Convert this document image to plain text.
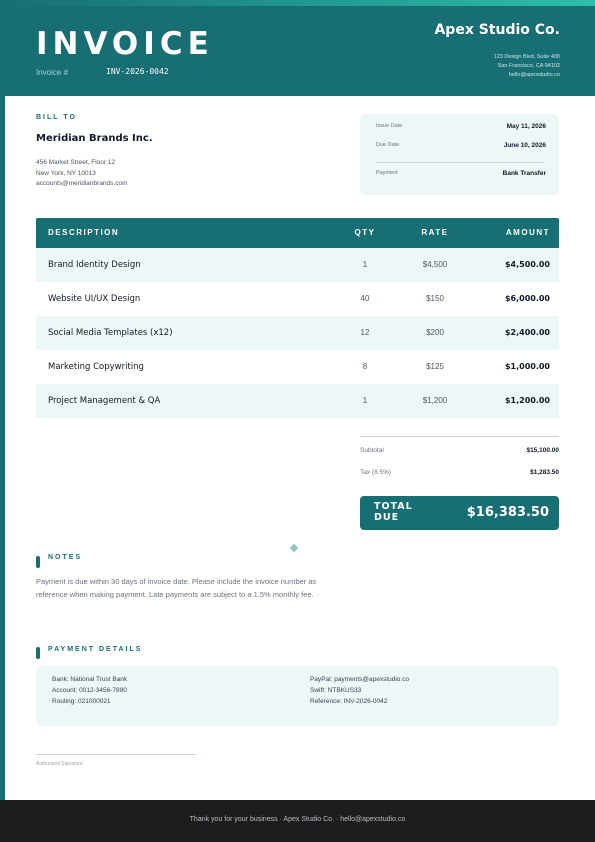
INVOICE
Invoice #	INV-2026-0042
Apex Studio Co.
123 Design Blvd, Suite 400
San Francisco, CA 94102
hello@apexstudio.co
BILL TO
Meridian Brands Inc.
456 Market Street, Floor 12
New York, NY 10013
accounts@meridianbrands.com
Issue Date	May 11, 2026
Due Date	June 10, 2026
Payment	Bank Transfer
DESCRIPTION	QTY	RATE	AMOUNT
Brand Identity Design	1	$4,500	$4,500.00
Website UI/UX Design	40	$150	$6,000.00
Social Media Templates (x12)	12	$200	$2,400.00
Marketing Copywriting	8	$125	$1,000.00
Project Management & QA	1	$1,200	$1,200.00
Subtotal	$15,100.00
Tax (8.5%)	$1,283.50
TOTAL DUE	$16,383.50
NOTES
Payment is due within 30 days of invoice date. Please include the invoice number as reference when making payment. Late payments are subject to a 1.5% monthly fee.
PAYMENT DETAILS
Bank: National Trust Bank
Account: 0012-3456-7890
Routing: 021000021
PayPal: payments@apexstudio.co
Swift: NTBKUS33
Reference: INV-2026-0042
Authorized Signature
Thank you for your business · Apex Studio Co. · hello@apexstudio.co
